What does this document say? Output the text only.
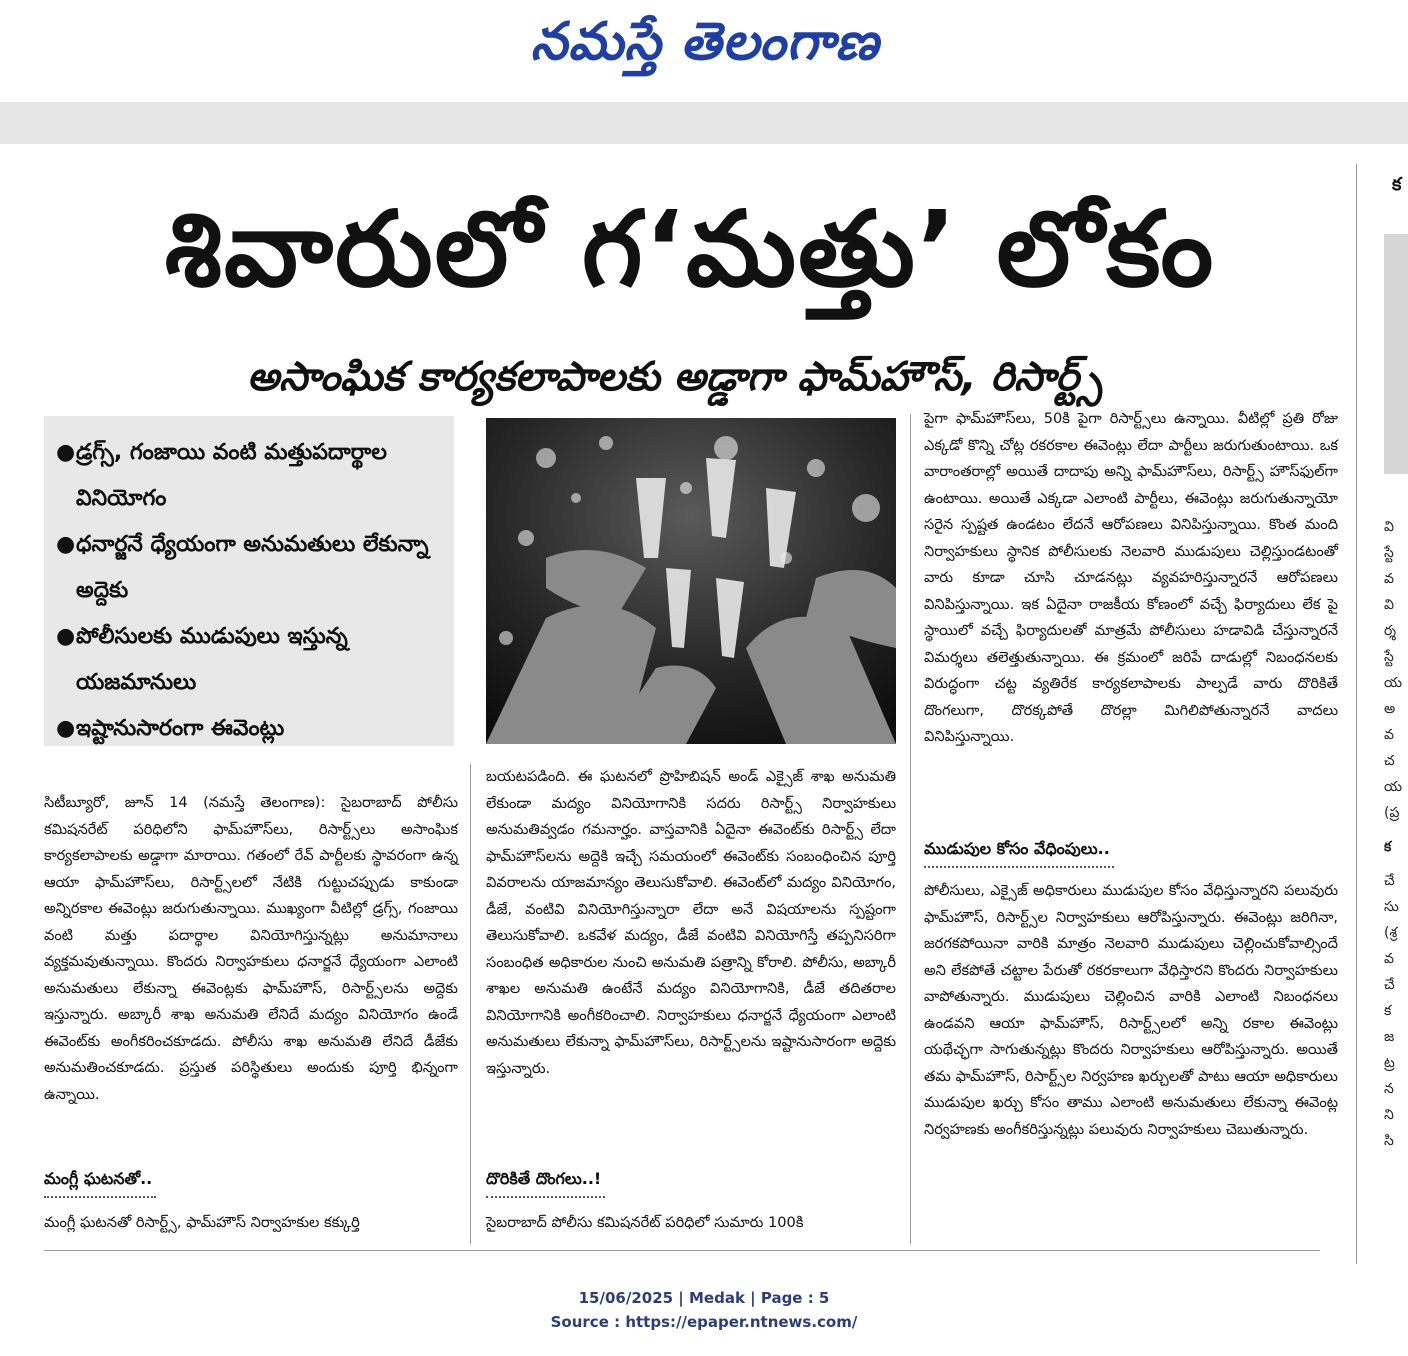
నమస్తే తెలంగాణ
శివారులో గ‘మత్తు’ లోకం
అసాంఘిక కార్యకలాపాలకు అడ్డాగా ఫామ్‌హౌస్, రిసార్ట్స్
● డ్రగ్స్, గంజాయి వంటి మత్తుపదార్థాల వినియోగం
● ధనార్జనే ధ్యేయంగా అనుమతులు లేకున్నా అద్దెకు
● పోలీసులకు ముడుపులు ఇస్తున్న యజమానులు
● ఇష్టానుసారంగా ఈవెంట్లు

సిటీబ్యూరో, జూన్ 14 (నమస్తే తెలంగాణ): సైబరాబాద్ పోలీసు కమిషనరేట్ పరిధిలోని ఫామ్‌హౌస్‌లు, రిసార్ట్స్‌లు అసాంఘిక కార్యకలాపాలకు అడ్డాగా మారాయి. గతంలో రేవ్ పార్టీలకు స్థావరంగా ఉన్న ఆయా ఫామ్‌హౌస్‌లు, రిసార్ట్స్‌లలో నేటికి గుట్టుచప్పుడు కాకుండా అన్నిరకాల ఈవెంట్లు జరుగుతున్నాయి. ముఖ్యంగా వీటిల్లో డ్రగ్స్, గంజాయి వంటి మత్తు పదార్థాల వినియోగిస్తున్నట్లు అనుమానాలు వ్యక్తమవుతున్నాయి. కొందరు నిర్వాహకులు ధనార్జనే ధ్యేయంగా ఎలాంటి అనుమతులు లేకున్నా ఈవెంట్లకు ఫామ్‌హౌస్, రిసార్ట్స్‌లను అద్దెకు ఇస్తున్నారు. అబ్కారీ శాఖ అనుమతి లేనిదే మద్యం వినియోగం ఉండే ఈవెంట్‌కు అంగీకరించకూడదు. పోలీసు శాఖ అనుమతి లేనిదే డీజేకు అనుమతించకూడదు. ప్రస్తుత పరిస్థితులు అందుకు పూర్తి భిన్నంగా ఉన్నాయి.

మంగ్లీ ఘటనతో..

మంగ్లీ ఘటనతో రిసార్ట్స్, ఫామ్‌హౌస్ నిర్వాహకుల కక్కుర్తి

బయటపడింది. ఈ ఘటనలో ప్రొహిబిషన్ అండ్ ఎక్సైజ్ శాఖ అనుమతి లేకుండా మద్యం వినియోగానికి సదరు రిసార్ట్స్ నిర్వాహకులు అనుమతివ్వడం గమనార్హం. వాస్తవానికి ఏదైనా ఈవెంట్‌కు రిసార్ట్స్ లేదా ఫామ్‌హౌస్‌లను అద్దెకి ఇచ్చే సమయంలో ఈవెంట్‌కు సంబంధించిన పూర్తి వివరాలను యాజమాన్యం తెలుసుకోవాలి. ఈవెంట్‌లో మద్యం వినియోగం, డీజే, వంటివి వినియోగిస్తున్నారా లేదా అనే విషయాలను స్పష్టంగా తెలుసుకోవాలి. ఒకవేళ మద్యం, డీజే వంటివి వినియోగిస్తే తప్పనిసరిగా సంబంధిత అధికారుల నుంచి అనుమతి పత్రాన్ని కోరాలి. పోలీసు, అబ్కారీ శాఖల అనుమతి ఉంటేనే మద్యం వినియోగానికి, డీజే తదితరాల వినియోగానికి అంగీకరించాలి. నిర్వాహకులు ధనార్జనే ధ్యేయంగా ఎలాంటి అనుమతులు లేకున్నా ఫామ్‌హౌస్‌లు, రిసార్ట్స్‌లను ఇష్టానుసారంగా అద్దెకు ఇస్తున్నారు.

దొరికితే దొంగలు..!

సైబరాబాద్ పోలీసు కమిషనరేట్ పరిధిలో సుమారు 100కి

పైగా ఫామ్‌హౌస్‌లు, 50కి పైగా రిసార్ట్స్‌లు ఉన్నాయి. వీటిల్లో ప్రతి రోజు ఎక్కడో కొన్ని చోట్ల రకరకాల ఈవెంట్లు లేదా పార్టీలు జరుగుతుంటాయి. ఒక వారాంతరాల్లో అయితే దాదాపు అన్ని ఫామ్‌హౌస్‌లు, రిసార్ట్స్ హౌస్‌ఫుల్‌గా ఉంటాయి. అయితే ఎక్కడా ఎలాంటి పార్టీలు, ఈవెంట్లు జరుగుతున్నాయో సరైన స్పష్టత ఉండటం లేదనే ఆరోపణలు వినిపిస్తున్నాయి. కొంత మంది నిర్వాహకులు స్థానిక పోలీసులకు నెలవారి ముడుపులు చెల్లిస్తుండటంతో వారు కూడా చూసి చూడనట్లు వ్యవహరిస్తున్నారనే ఆరోపణలు వినిపిస్తున్నాయి. ఇక ఏదైనా రాజకీయ కోణంలో వచ్చే ఫిర్యాదులు లేక పై స్థాయిలో వచ్చే ఫిర్యాదులతో మాత్రమే పోలీసులు హడావిడి చేస్తున్నారనే విమర్శలు తలెత్తుతున్నాయి. ఈ క్రమంలో జరిపే దాడుల్లో నిబంధనలకు విరుద్ధంగా చట్ట వ్యతిరేక కార్యకలాపాలకు పాల్పడే వారు దొరికితే దొంగలుగా, దొరక్కపోతే దొరల్లా మిగిలిపోతున్నారనే వాదలు వినిపిస్తున్నాయి.

ముడుపుల కోసం వేధింపులు..

పోలీసులు, ఎక్సైజ్ అధికారులు ముడుపుల కోసం వేధిస్తున్నారని పలువురు ఫామ్‌హౌస్, రిసార్ట్స్‌ల నిర్వాహకులు ఆరోపిస్తున్నారు. ఈవెంట్లు జరిగినా, జరగకపోయినా వారికి మాత్రం నెలవారి ముడుపులు చెల్లించుకోవాల్సిందే అని లేకపోతే చట్టాల పేరుతో రకరకాలుగా వేధిస్తారని కొందరు నిర్వాహకులు వాపోతున్నారు. ముడుపులు చెల్లించిన వారికి ఎలాంటి నిబంధనలు ఉండవని ఆయా ఫామ్‌హౌస్, రిసార్ట్స్‌లలో అన్ని రకాల ఈవెంట్లు యథేచ్ఛగా సాగుతున్నట్లు కొందరు నిర్వాహకులు ఆరోపిస్తున్నారు. అయితే తమ ఫామ్‌హౌస్, రిసార్ట్స్‌ల నిర్వహణ ఖర్చులతో పాటు ఆయా అధికారులు ముడుపుల ఖర్చు కోసం తాము ఎలాంటి అనుమతులు లేకున్నా ఈవెంట్ల నిర్వహణకు అంగీకరిస్తున్నట్లు పలువురు నిర్వాహకులు చెబుతున్నారు.

వి
స్టే
వ
వి
ర్శ
స్టే
య
అ
వ
చ
య
(ప్ర
క
చే
సు
(శ్ర
వ
చే
క
జ
ట్ర
న
ని
సి
క
15/06/2025 | Medak | Page : 5
Source : https://epaper.ntnews.com/
